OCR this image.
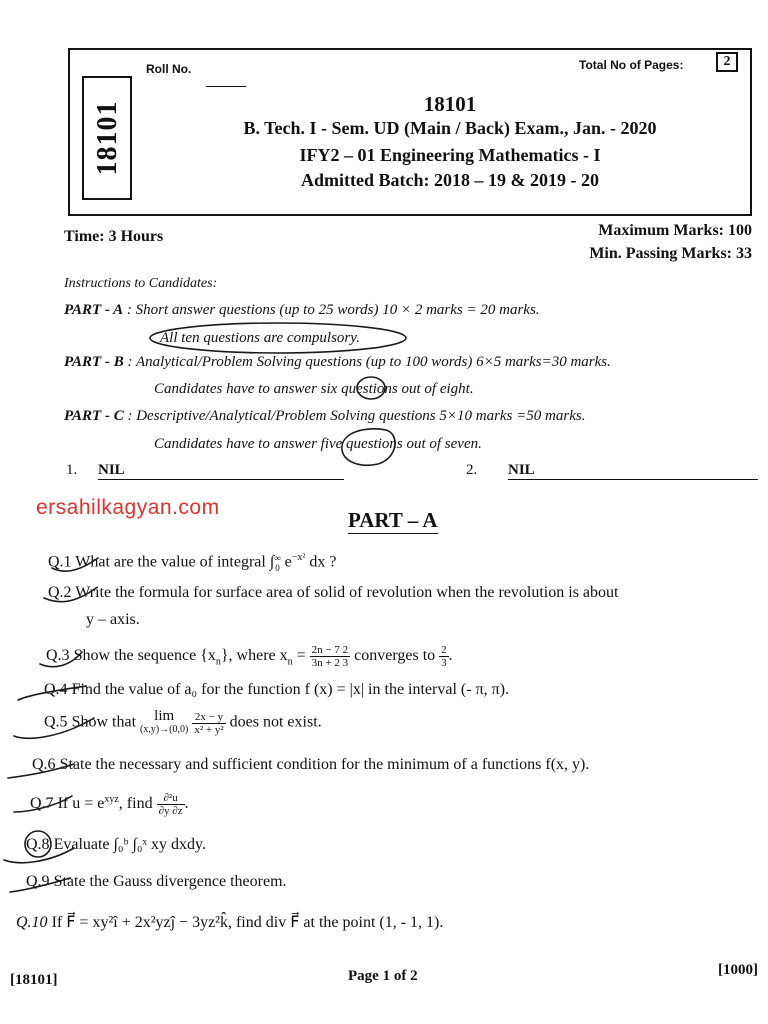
Roll No.	Total No of Pages:	2
18101	18101
B. Tech. I - Sem. UD (Main / Back) Exam., Jan. - 2020
IFY2 – 01 Engineering Mathematics - I
Admitted Batch: 2018 – 19 & 2019 - 20
Time: 3 Hours	Maximum Marks: 100
Min. Passing Marks: 33
Instructions to Candidates:
PART - A : Short answer questions (up to 25 words) 10 × 2 marks = 20 marks.
All ten questions are compulsory.
PART - B : Analytical/Problem Solving questions (up to 100 words) 6×5 marks=30 marks.
Candidates have to answer six questions out of eight.
PART - C : Descriptive/Analytical/Problem Solving questions 5×10 marks =50 marks.
Candidates have to answer five questions out of seven.
1. NIL	2. NIL
ersahilkagyan.com
PART – A
Q.1 What are the value of integral ∫ ∞
0 $e^{-x^2}$ dx ?
Q.2 Write the formula for surface area of solid of revolution when the revolution is about
y – axis.
Q.3 Show the sequence $\{x_n\}$, where $x_n = \frac{2n - 7 2}{3n + 2 3}$ converges to $\frac{2}{3}$ .
Q.4 Find the value of a₀ for the function f (x) = |x| in the interval (- π, π).
Q.5 Show that lim
(x,y)→(0,0)
$\frac{2x - y}{\text{x² + y²}}$ does not exist.
Q.6 State the necessary and sufficient condition for the minimum of a functions f(x, y).
Q.7 If $u = e^{xyz}$, find $\frac{\text{∂²u}}{\partial y \partial z}$ .
Q.8 Evaluate ∫₀ᵇ ∫₀ˣ xy dxdy.
Q.9 State the Gauss divergence theorem.
Q.10 If F⃗ = xy²î + 2x²yzĵ − 3yz²k̂, find div F⃗ at the point (1, - 1, 1).
[18101]	Page 1 of 2	[1000]
